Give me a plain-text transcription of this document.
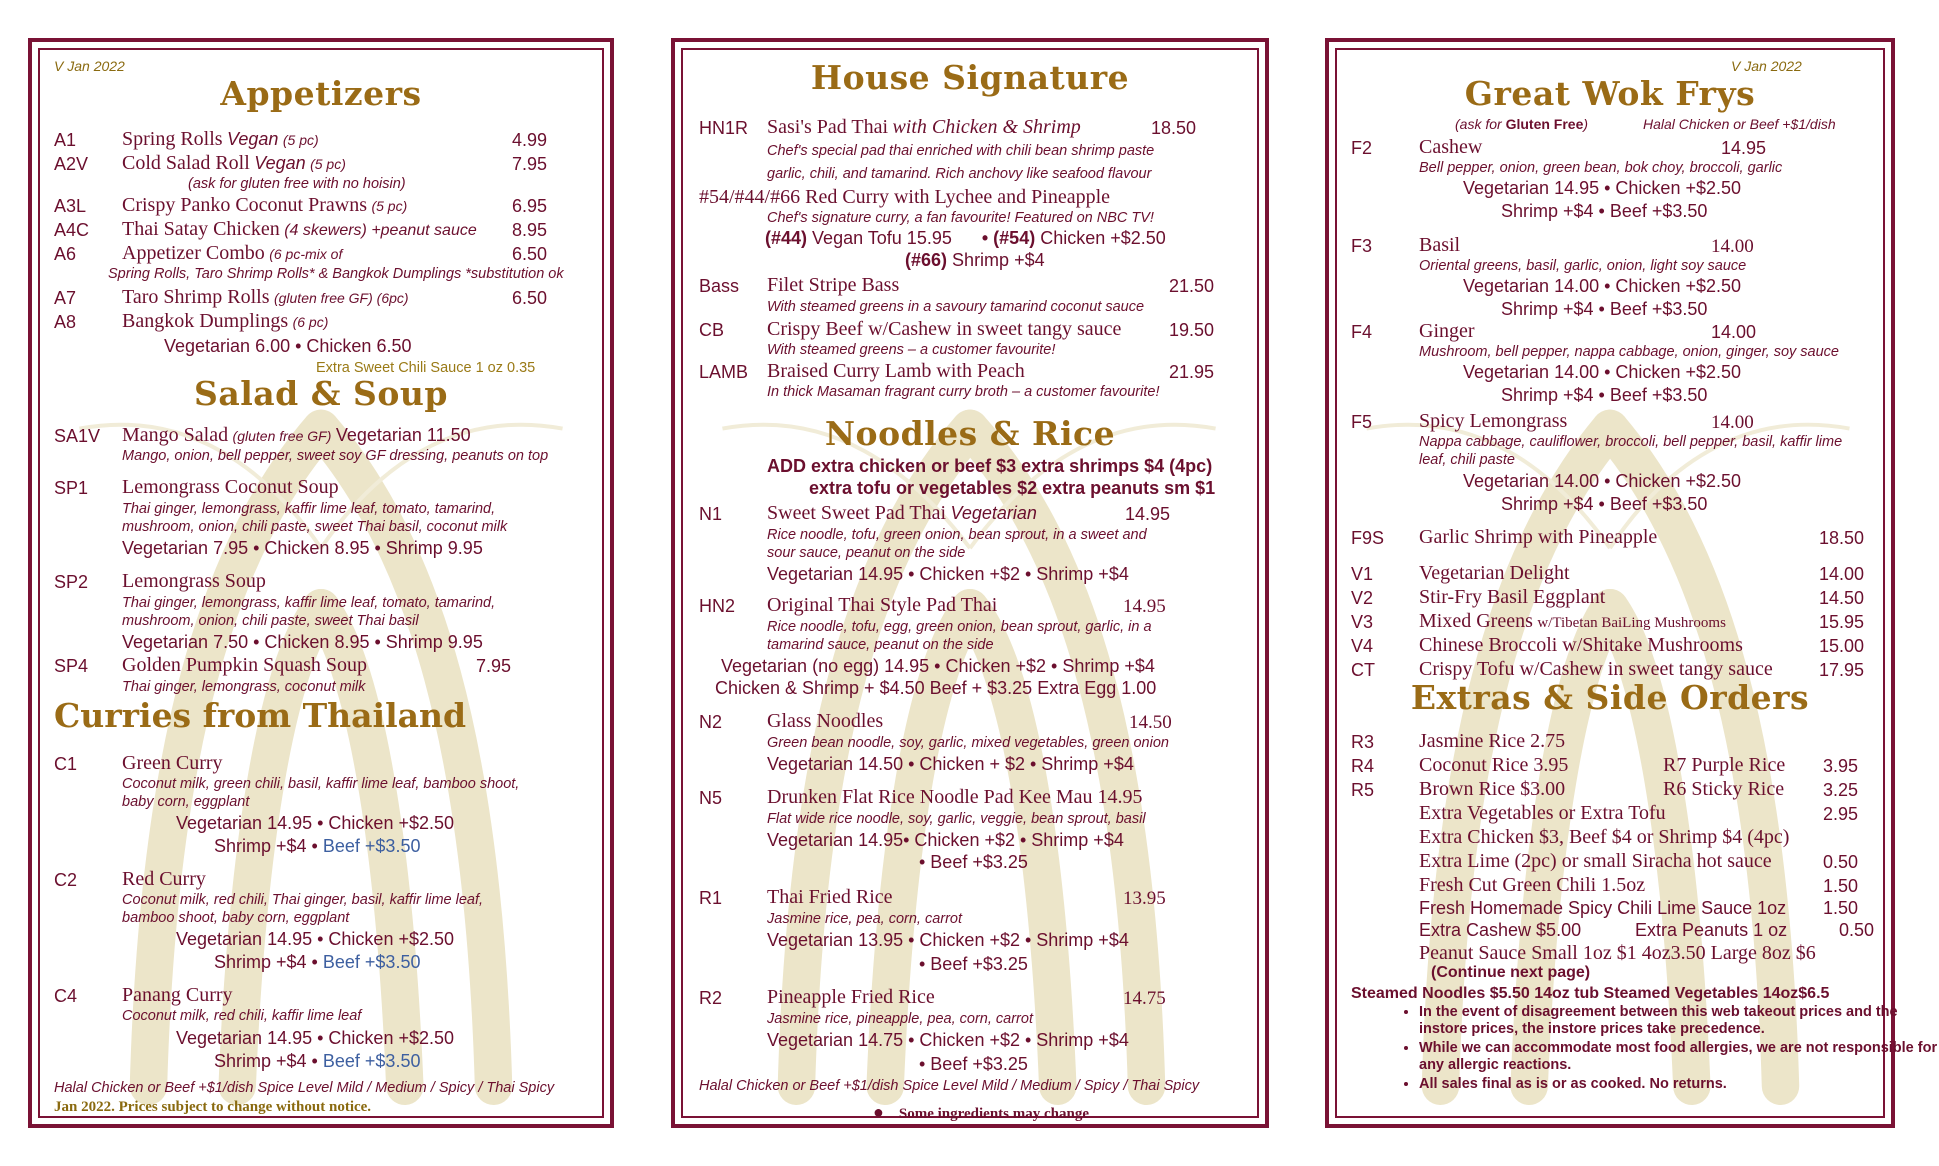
V Jan 2022
Appetizers
A1 Spring Rolls Vegan (5 pc)	4.99
A2V Cold Salad Roll Vegan (5 pc)	7.95
(ask for gluten free with no hoisin)
A3L Crispy Panko Coconut Prawns (5 pc)	6.95
A4C Thai Satay Chicken (4 skewers) +peanut sauce 8.95
A6 Appetizer Combo (6 pc-mix of	6.50
Spring Rolls, Taro Shrimp Rolls* & Bangkok Dumplings *substitution ok
A7 Taro Shrimp Rolls (gluten free GF) (6pc)	6.50
A8 Bangkok Dumplings (6 pc)
Vegetarian 6.00 • Chicken 6.50
Extra Sweet Chili Sauce 1 oz 0.35
Salad & Soup
SA1V Mango Salad (gluten free GF) Vegetarian 11.50
Mango, onion, bell pepper, sweet soy GF dressing, peanuts on top
SP1 Lemongrass Coconut Soup
Thai ginger, lemongrass, kaffir lime leaf, tomato, tamarind,
mushroom, onion, chili paste, sweet Thai basil, coconut milk
Vegetarian 7.95 • Chicken 8.95 • Shrimp 9.95
SP2 Lemongrass Soup
Thai ginger, lemongrass, kaffir lime leaf, tomato, tamarind,
mushroom, onion, chili paste, sweet Thai basil
Vegetarian 7.50 • Chicken 8.95 • Shrimp 9.95
SP4 Golden Pumpkin Squash Soup	7.95
Thai ginger, lemongrass, coconut milk
Curries from Thailand
C1 Green Curry
Coconut milk, green chili, basil, kaffir lime leaf, bamboo shoot,
baby corn, eggplant
Vegetarian 14.95 • Chicken +$2.50
Shrimp +$4 • Beef +$3.50
C2 Red Curry
Coconut milk, red chili, Thai ginger, basil, kaffir lime leaf,
bamboo shoot, baby corn, eggplant
Vegetarian 14.95 • Chicken +$2.50
Shrimp +$4 • Beef +$3.50
C4 Panang Curry
Coconut milk, red chili, kaffir lime leaf
Vegetarian 14.95 • Chicken +$2.50
Shrimp +$4 • Beef +$3.50
Halal Chicken or Beef +$1/dish Spice Level Mild / Medium / Spicy / Thai Spicy
Jan 2022. Prices subject to change without notice.
House Signature
HN1R Sasi's Pad Thai with Chicken & Shrimp	18.50
Chef's special pad thai enriched with chili bean shrimp paste
garlic, chili, and tamarind. Rich anchovy like seafood flavour
#54/#44/#66 Red Curry with Lychee and Pineapple
Chef's signature curry, a fan favourite! Featured on NBC TV!
(#44) Vegan Tofu 15.95 • (#54) Chicken +$2.50
(#66) Shrimp +$4
Bass Filet Stripe Bass	21.50
With steamed greens in a savoury tamarind coconut sauce
CB Crispy Beef w/Cashew in sweet tangy sauce	19.50
With steamed greens – a customer favourite!
LAMB Braised Curry Lamb with Peach	21.95
In thick Masaman fragrant curry broth – a customer favourite!
Noodles & Rice
ADD extra chicken or beef $3 extra shrimps $4 (4pc)
extra tofu or vegetables $2 extra peanuts sm $1
N1 Sweet Sweet Pad Thai Vegetarian	14.95
Rice noodle, tofu, green onion, bean sprout, in a sweet and
sour sauce, peanut on the side
Vegetarian 14.95 • Chicken +$2 • Shrimp +$4
HN2 Original Thai Style Pad Thai	14.95
Rice noodle, tofu, egg, green onion, bean sprout, garlic, in a
tamarind sauce, peanut on the side
Vegetarian (no egg) 14.95 • Chicken +$2 • Shrimp +$4
Chicken & Shrimp + $4.50 Beef + $3.25 Extra Egg 1.00
N2 Glass Noodles	14.50
Green bean noodle, soy, garlic, mixed vegetables, green onion
Vegetarian 14.50 • Chicken + $2 • Shrimp +$4
N5 Drunken Flat Rice Noodle Pad Kee Mau 14.95
Flat wide rice noodle, soy, garlic, veggie, bean sprout, basil
Vegetarian 14.95• Chicken +$2 • Shrimp +$4
• Beef +$3.25
R1 Thai Fried Rice	13.95
Jasmine rice, pea, corn, carrot
Vegetarian 13.95 • Chicken +$2 • Shrimp +$4
• Beef +$3.25
R2 Pineapple Fried Rice	14.75
Jasmine rice, pineapple, pea, corn, carrot
Vegetarian 14.75 • Chicken +$2 • Shrimp +$4
• Beef +$3.25
Halal Chicken or Beef +$1/dish Spice Level Mild / Medium / Spicy / Thai Spicy
● Some ingredients may change
V Jan 2022
Great Wok Frys
(ask for Gluten Free)	Halal Chicken or Beef +$1/dish
F2 Cashew	14.95
Bell pepper, onion, green bean, bok choy, broccoli, garlic
Vegetarian 14.95 • Chicken +$2.50
Shrimp +$4 • Beef +$3.50
F3 Basil	14.00
Oriental greens, basil, garlic, onion, light soy sauce
Vegetarian 14.00 • Chicken +$2.50
Shrimp +$4 • Beef +$3.50
F4 Ginger	14.00
Mushroom, bell pepper, nappa cabbage, onion, ginger, soy sauce
Vegetarian 14.00 • Chicken +$2.50
Shrimp +$4 • Beef +$3.50
F5 Spicy Lemongrass	14.00
Nappa cabbage, cauliflower, broccoli, bell pepper, basil, kaffir lime
leaf, chili paste
Vegetarian 14.00 • Chicken +$2.50
Shrimp +$4 • Beef +$3.50
F9S Garlic Shrimp with Pineapple	18.50
V1 Vegetarian Delight	14.00
V2 Stir-Fry Basil Eggplant	14.50
V3 Mixed Greens w/Tibetan BaiLing Mushrooms	15.95
V4 Chinese Broccoli w/Shitake Mushrooms	15.00
CT Crispy Tofu w/Cashew in sweet tangy sauce	17.95
Extras & Side Orders
R3 Jasmine Rice 2.75
R4 Coconut Rice 3.95	R7 Purple Rice 3.95
R5 Brown Rice $3.00	R6 Sticky Rice 3.25
Extra Vegetables or Extra Tofu	2.95
Extra Chicken $3, Beef $4 or Shrimp $4 (4pc)
Extra Lime (2pc) or small Siracha hot sauce	0.50
Fresh Cut Green Chili 1.5oz	1.50
Fresh Homemade Spicy Chili Lime Sauce 1oz 1.50
Extra Cashew $5.00	Extra Peanuts 1 oz	0.50
Peanut Sauce Small 1oz $1 4oz3.50 Large 8oz $6
(Continue next page)
Steamed Noodles $5.50 14oz tub Steamed Vegetables 14oz$6.5
• In the event of disagreement between this web takeout prices and the instore prices, the instore prices take precedence.
• While we can accommodate most food allergies, we are not responsible for any allergic reactions.
• All sales final as is or as cooked. No returns.
